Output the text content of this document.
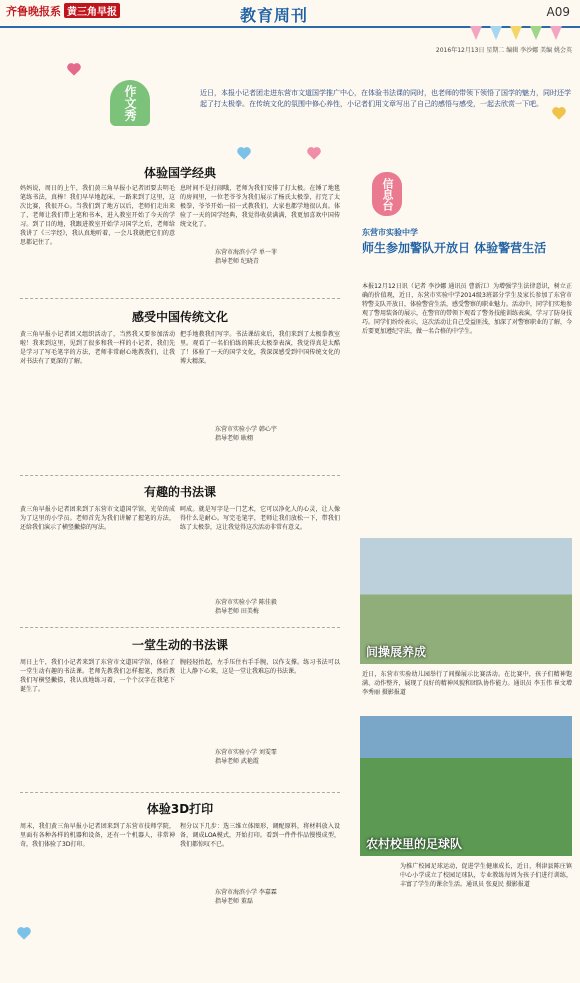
齐鲁晚报系 黄三角早报	教育周刊	A09
2016年12月13日 星期二 编辑 李沙娜 美编 姚会英
作文秀	近日，本报小记者团走进东营市文道国学推广中心，在体验书法课的同时，也老师的带领下领悟了国学的魅力，同时还学起了打太极拳。在传统文化的氛围中修心养性，小记者们用文章写出了自己的感悟与感受，一起去欣赏一下吧。
体验国学经典
妈妈说，周日的上午，我们黄三角早报小记者团要去明毛笔练书法，真棒！我们早早地起床，一路来到了这里，这次比赛，我很开心。当我们到了地方以后，老师们走出来了，老师让我们带上笔和书本，进入教室开始了今天的学习。到了目的地，我跟进教室开始学习国学之后，老师给我讲了《三字经》，我认真地听着，一会儿我就把它们的意思都记住了。
息时间不是打闹哦，老师为我们安排了打太极。在锤了地毯的房间里，一位老爷爷为我们展示了杨氏太极拳，打完了太极拳，爷爷开始一招一式教我们，大家也都学地很认真。体验了一天的国学经典，我觉得收获满满，我更加喜欢中国传统文化了。
东营市海滨小学 单一菲
指导老师 纪晓青
感受中国传统文化
黄三角早报小记者团又组织活动了，当然我又要参加活动啦！我来到这里，见到了很多和我一样的小记者，我们先是学习了写毛笔字的方法，老师非常耐心地教我们，让我对书法有了更深的了解。
把手地教我们写字。书法课结束后，我们来到了太极拳教室里。观看了一名伯伯练的陈氏太极拳表演，我觉得真是太酷了！体验了一天的国学文化，我深深感受到中国传统文化的博大精深。
东营市实验小学 韩心宇
指导老师 耿栩
有趣的书法课
黄三角早报小记者团来到了东营市文道国学馆，光荣的成为了这里的小学员。老师首先为我们讲解了握笔的方法，还给我们演示了横竖撇捺的写法。
呵成。就是写字是一门艺术，它可以净化人的心灵，让人像得什么是耐心。写完毛笔字，老师让我们放松一下，带我们练了太极拳，这让我觉得这次活动非常有意义。
东营市实验小学 陈佳毅
指导老师 田美梅
一堂生动的书法课
周日上午，我们小记者来到了东营市文道国学馆，体验了一堂生动有趣的书法课。老师先教我们怎样握笔，然后教我们写横竖撇捺，我认真地练习着，一个个汉字在我笔下诞生了。
腕轻轻抬起，左手压住右手手腕，以作支撑。练习书法可以让人静下心来，这是一堂让我难忘的书法课。
东营市实验小学 刘雯霏
指导老师 武艳霞
体验3D打印
周末，我们黄三角早报小记者团来到了东营市技师学院，里面有各种各样的机器和设备，还有一个机器人，非常神奇，我们体验了3D打印。
程分以下几步：选三维立体图形，调配原料，将材料放入设备，调成LOA模式，开始打印。看到一件件作品慢慢成型，我们都惊叹不已。
东营市海滨小学 李嘉霖
指导老师 董磊
信息台
东营市实验中学
师生参加警队开放日 体验警营生活
本报12月12日讯（记者 李沙娜 通讯员 曹新江）为增强学生法律意识，树立正确的价值观，近日，东营市实验中学2014级3班部分学生及家长参加了东营市特警支队开放日，体验警营生活，感受警察的职业魅力。活动中，同学们实地参观了警用装备的展示，在警官的带领下观看了警务技能训练表演，学习了防身技巧。同学们纷纷表示，这次活动让自己受益匪浅，加深了对警察职业的了解，今后要更加遵纪守法，做一名合格的中学生。
间操展养成
近日，东营市实验幼儿园举行了间操展示比赛活动。在比赛中，孩子们精神饱满、动作整齐，展现了良好的精神风貌和团队协作能力。通讯员 李玉伟 崔文增 李秀丽 摄影报道
农村校里的足球队
为推广校园足球运动，促进学生健康成长，近日，利津县陈庄镇中心小学成立了校园足球队，专业教练每周为孩子们进行训练，丰富了学生的课余生活。通讯员 张夏民 摄影报道
